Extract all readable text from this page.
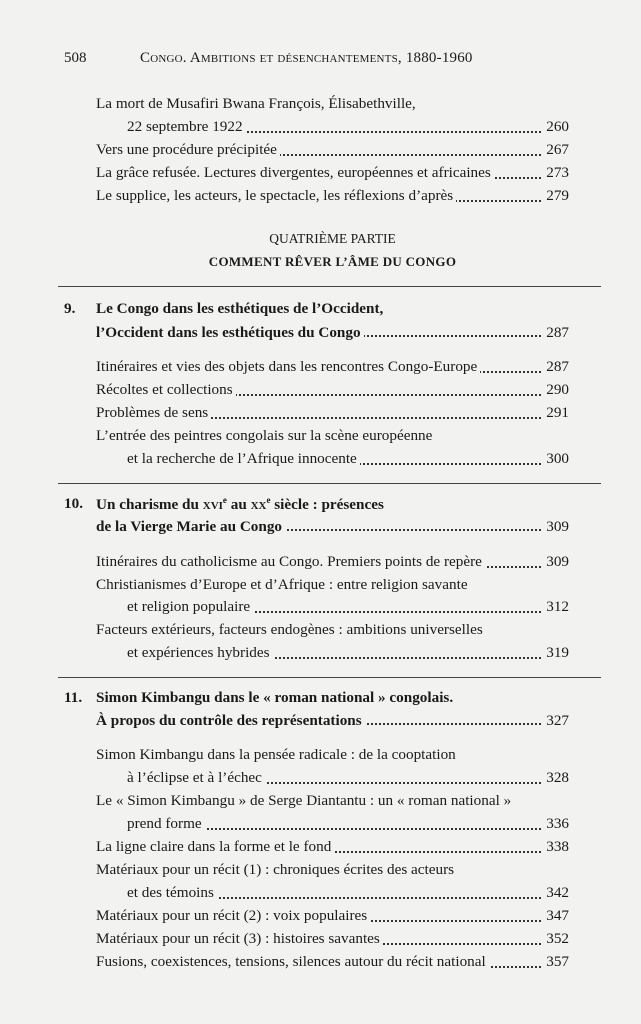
508	Congo. Ambitions et désenchantements, 1880-1960
La mort de Musafiri Bwana François, Élisabethville,
22 septembre 1922	260
Vers une procédure précipitée	267
La grâce refusée. Lectures divergentes, européennes et africaines	273
Le supplice, les acteurs, le spectacle, les réflexions d’après	279
QUATRIÈME PARTIE
COMMENT RÊVER L’ÂME DU CONGO
9. Le Congo dans les esthétiques de l’Occident,
l’Occident dans les esthétiques du Congo	287
Itinéraires et vies des objets dans les rencontres Congo-Europe	287
Récoltes et collections	290
Problèmes de sens	291
L’entrée des peintres congolais sur la scène européenne
et la recherche de l’Afrique innocente	300
10. Un charisme du xvi$^e$ au $xx^e$ siècle : présences
de la Vierge Marie au Congo	309
Itinéraires du catholicisme au Congo. Premiers points de repère	309
Christianismes d’Europe et d’Afrique : entre religion savante
et religion populaire	312
Facteurs extérieurs, facteurs endogènes : ambitions universelles
et expériences hybrides	319
11. Simon Kimbangu dans le « roman national » congolais.
À propos du contrôle des représentations	327
Simon Kimbangu dans la pensée radicale : de la cooptation
à l’éclipse et à l’échec	328
Le « Simon Kimbangu » de Serge Diantantu : un « roman national »
prend forme	336
La ligne claire dans la forme et le fond	338
Matériaux pour un récit (1) : chroniques écrites des acteurs
et des témoins	342
Matériaux pour un récit (2) : voix populaires	347
Matériaux pour un récit (3) : histoires savantes	352
Fusions, coexistences, tensions, silences autour du récit national	357
